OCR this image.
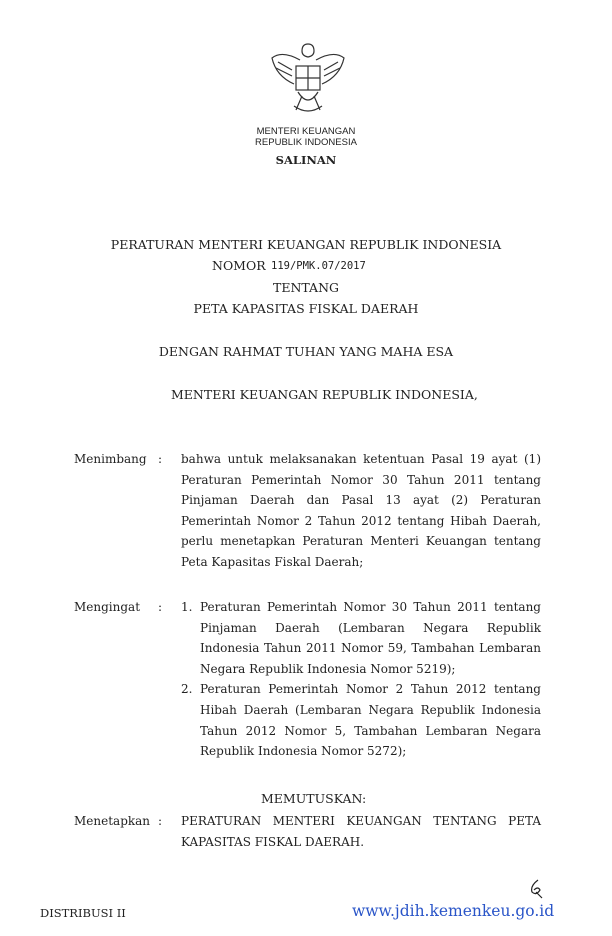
MENTERI KEUANGAN
REPUBLIK INDONESIA
SALINAN
PERATURAN MENTERI KEUANGAN REPUBLIK INDONESIA
NOMOR 119/PMK.07/2017
TENTANG
PETA KAPASITAS FISKAL DAERAH
DENGAN RAHMAT TUHAN YANG MAHA ESA
MENTERI KEUANGAN REPUBLIK INDONESIA,
Menimbang : bahwa untuk melaksanakan ketentuan Pasal 19 ayat (1) Peraturan Pemerintah Nomor 30 Tahun 2011 tentang Pinjaman Daerah dan Pasal 13 ayat (2) Peraturan Pemerintah Nomor 2 Tahun 2012 tentang Hibah Daerah, perlu menetapkan Peraturan Menteri Keuangan tentang Peta Kapasitas Fiskal Daerah;
Mengingat : 1. Peraturan Pemerintah Nomor 30 Tahun 2011 tentang Pinjaman Daerah (Lembaran Negara Republik Indonesia Tahun 2011 Nomor 59, Tambahan Lembaran Negara Republik Indonesia Nomor 5219);
2. Peraturan Pemerintah Nomor 2 Tahun 2012 tentang Hibah Daerah (Lembaran Negara Republik Indonesia Tahun 2012 Nomor 5, Tambahan Lembaran Negara Republik Indonesia Nomor 5272);
MEMUTUSKAN:
Menetapkan : PERATURAN MENTERI KEUANGAN TENTANG PETA KAPASITAS FISKAL DAERAH.
DISTRIBUSI II	www.jdih.kemenkeu.go.id
